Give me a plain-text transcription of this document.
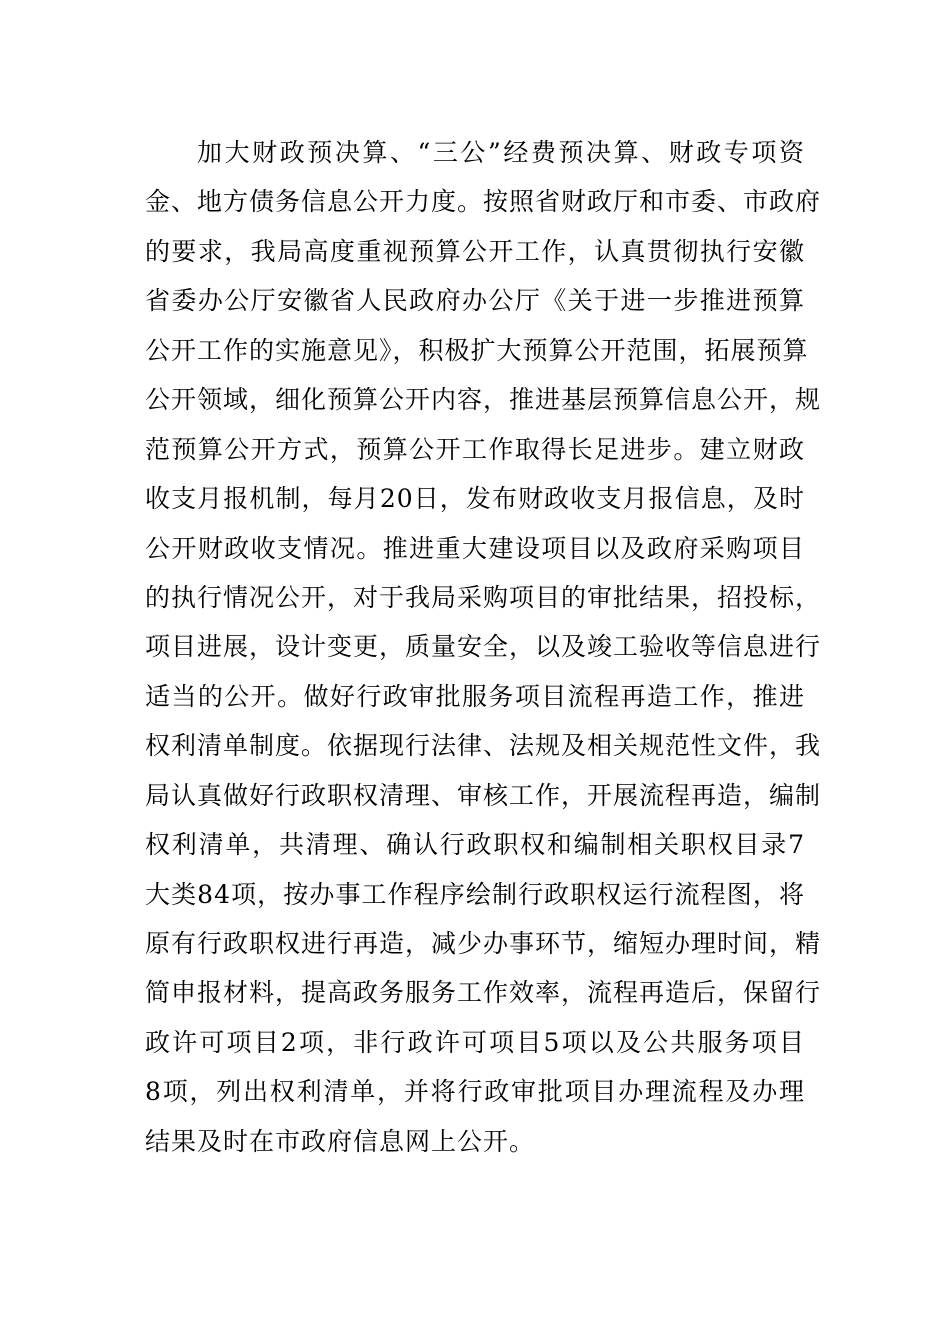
加大财政预决算、“三公”经费预决算、财政专项资
金、地方债务信息公开力度。按照省财政厅和市委、市政府
的要求，我局高度重视预算公开工作，认真贯彻执行安徽
省委办公厅安徽省人民政府办公厅《关于进一步推进预算
公开工作的实施意见》，积极扩大预算公开范围，拓展预算
公开领域，细化预算公开内容，推进基层预算信息公开，规
范预算公开方式，预算公开工作取得长足进步。建立财政
收支月报机制，每月20日，发布财政收支月报信息，及时
公开财政收支情况。推进重大建设项目以及政府采购项目
的执行情况公开，对于我局采购项目的审批结果，招投标，
项目进展，设计变更，质量安全，以及竣工验收等信息进行
适当的公开。做好行政审批服务项目流程再造工作，推进
权利清单制度。依据现行法律、法规及相关规范性文件，我
局认真做好行政职权清理、审核工作，开展流程再造，编制
权利清单，共清理、确认行政职权和编制相关职权目录7
大类84项，按办事工作程序绘制行政职权运行流程图，将
原有行政职权进行再造，减少办事环节，缩短办理时间，精
简申报材料，提高政务服务工作效率，流程再造后，保留行
政许可项目2项，非行政许可项目5项以及公共服务项目
8项，列出权利清单，并将行政审批项目办理流程及办理
结果及时在市政府信息网上公开。
